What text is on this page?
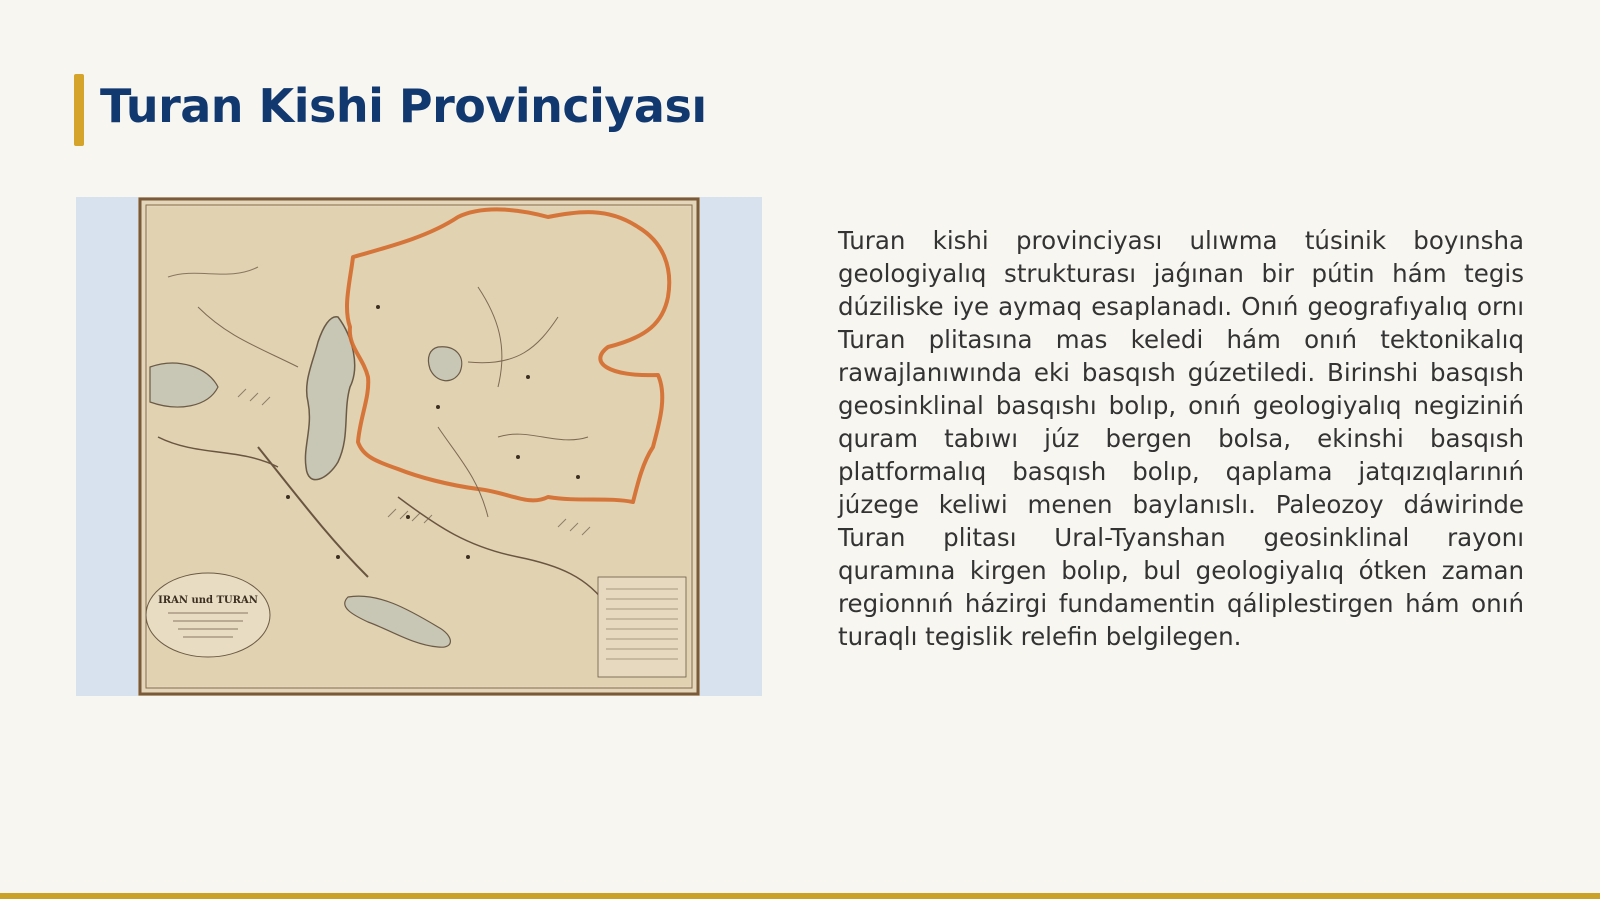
Turan Kishi Provinciyası
IRAN und TURAN

Turan kishi provinciyası ulıwma túsinik boyınsha geologiyalıq strukturası jaǵınan bir pútin hám tegis dúziliske iye aymaq esaplanadı. Onıń geografıyalıq ornı Turan plitasına mas keledi hám onıń tektonikalıq rawajlanıwında eki basqısh gúzetiledi. Birinshi basqısh geosinklinal basqıshı bolıp, onıń geologiyalıq negiziniń quram tabıwı júz bergen bolsa, ekinshi basqısh platformalıq basqısh bolıp, qaplama jatqızıqlarınıń júzege keliwi menen baylanıslı. Paleozoy dáwirinde Turan plitası Ural-Tyanshan geosinklinal rayonı quramına kirgen bolıp, bul geologiyalıq ótken zaman regionnıń házirgi fundamentin qáliplestirgen hám onıń turaqlı tegislik relefin belgilegen.
